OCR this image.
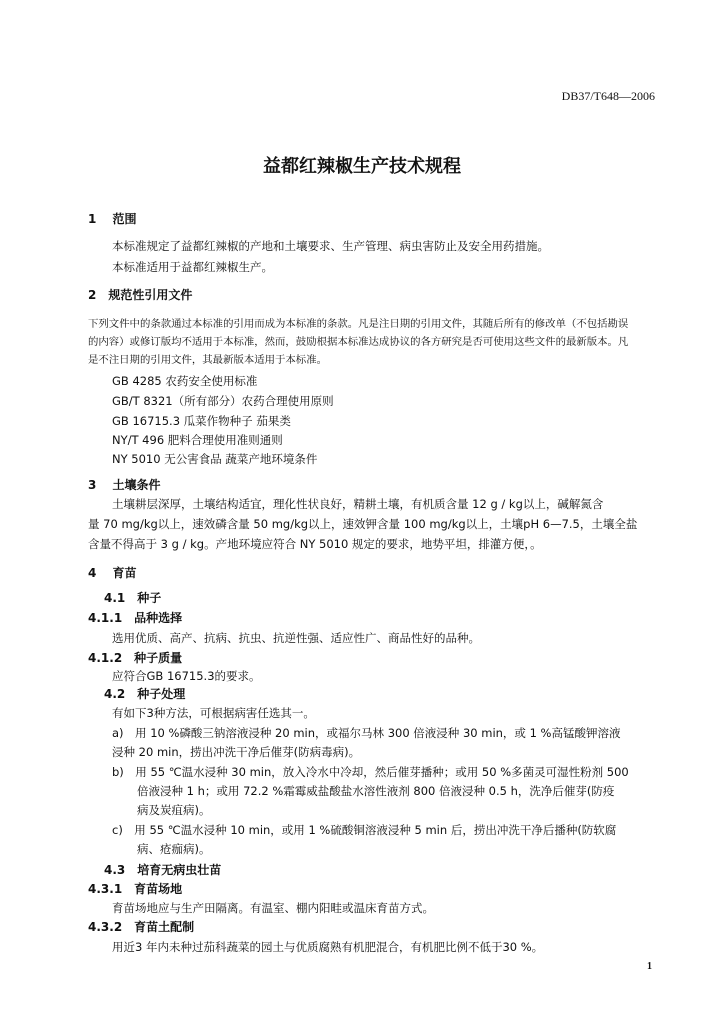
DB37/T648—2006
益都红辣椒生产技术规程
1　 范围
本标准规定了益都红辣椒的产地和土壤要求、生产管理、病虫害防止及安全用药措施。
本标准适用于益都红辣椒生产。
2　规范性引用文件
下列文件中的条款通过本标准的引用而成为本标准的条款。凡是注日期的引用文件，其随后所有的修改单（不包括勘误
的内容）或修订版均不适用于本标准，然而，鼓励根据本标准达成协议的各方研究是否可使用这些文件的最新版本。凡
是不注日期的引用文件，其最新版本适用于本标准。
GB 4285 农药安全使用标准
GB/T 8321（所有部分）农药合理使用原则
GB 16715.3 瓜菜作物种子 茄果类
NY/T 496 肥料合理使用准则通则
NY 5010 无公害食品 蔬菜产地环境条件
3　 土壤条件
土壤耕层深厚，土壤结构适宜，理化性状良好，精耕土壤，有机质含量 12 g / kg以上，碱解氮含
量 70 mg/kg以上，速效磷含量 50 mg/kg以上，速效钾含量 100 mg/kg以上，土壤pH 6—7.5，土壤全盐
含量不得高于 3 g / kg。产地环境应符合 NY 5010 规定的要求，地势平坦，排灌方便，。
4　 育苗
4.1　种子
4.1.1　品种选择
选用优质、高产、抗病、抗虫、抗逆性强、适应性广、商品性好的品种。
4.1.2　种子质量
应符合GB 16715.3的要求。
4.2　种子处理
有如下3种方法，可根据病害任选其一。
a)　用 10 %磷酸三钠溶液浸种 20 min，或福尔马林 300 倍液浸种 30 min，或 1 %高锰酸钾溶液
浸种 20 min，捞出冲洗干净后催芽(防病毒病)。
b)　用 55 ℃温水浸种 30 min，放入冷水中冷却，然后催芽播种；或用 50 %多菌灵可湿性粉剂 500
倍液浸种 1 h；或用 72.2 %霜霉威盐酸盐水溶性液剂 800 倍液浸种 0.5 h，洗净后催芽(防疫
病及炭疽病)。
c)　用 55 ℃温水浸种 10 min，或用 1 %硫酸铜溶液浸种 5 min 后，捞出冲洗干净后播种(防软腐
病、疮痂病)。
4.3　培育无病虫壮苗
4.3.1　育苗场地
育苗场地应与生产田隔离。有温室、棚内阳畦或温床育苗方式。
4.3.2　育苗土配制
用近3 年内未种过茄科蔬菜的园土与优质腐熟有机肥混合，有机肥比例不低于30 %。
1
